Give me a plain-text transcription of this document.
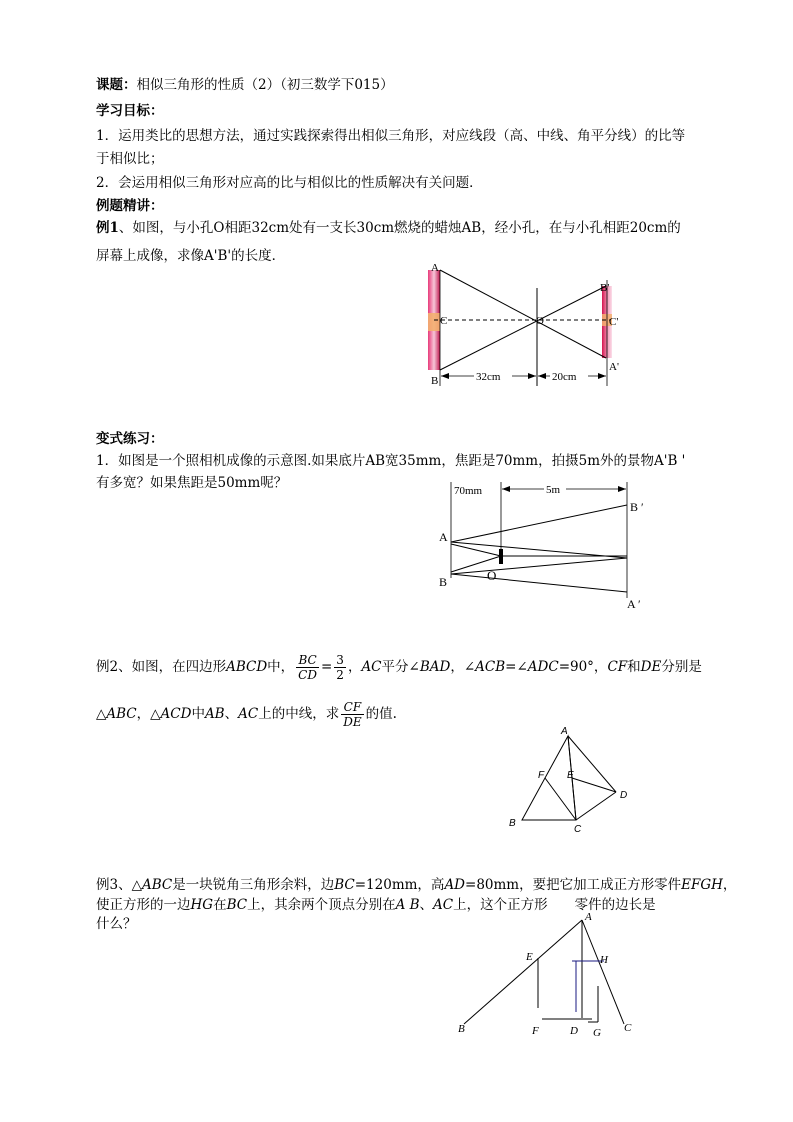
课题：相似三角形的性质（2）（初三数学下015）
学习目标：
1．运用类比的思想方法，通过实践探索得出相似三角形，对应线段（高、中线、角平分线）的比等
于相似比；
2．会运用相似三角形对应高的比与相似比的性质解决有关问题．
例题精讲：
例1、如图，与小孔O相距32cm处有一支长30cm燃烧的蜡烛AB，经小孔，在与小孔相距20cm的
屏幕上成像，求像A'B'的长度．
A
B
C	O
B'
C'
A'
32cm	20cm
变式练习：
1．如图是一个照相机成像的示意图.如果底片AB宽35mm，焦距是70mm，拍摄5m外的景物A'B '
有多宽？如果焦距是50mm呢？	70mm	5m
A
B	O
B ′
A ′
例2、如图，在四边形ABCD中， $\frac{BC}{CD} = \frac{3}{2}$ ，AC平分∠BAD，∠ACB=∠ADC=90°，CF和DE分别是
△ABC，△ACD中AB、AC上的中线，求 $\frac{CF}{DE}$ 的值.
A
B
C
D
E
F
例3、△ABC是一块锐角三角形余料，边BC=120mm，高AD=80mm，要把它加工成正方形零件EFGH，
使正方形的一边HG在BC上，其余两个顶点分别在A B、AC上，这个正方形　　零件的边长是
什么？	A
B	C
D
E
F	G
H
